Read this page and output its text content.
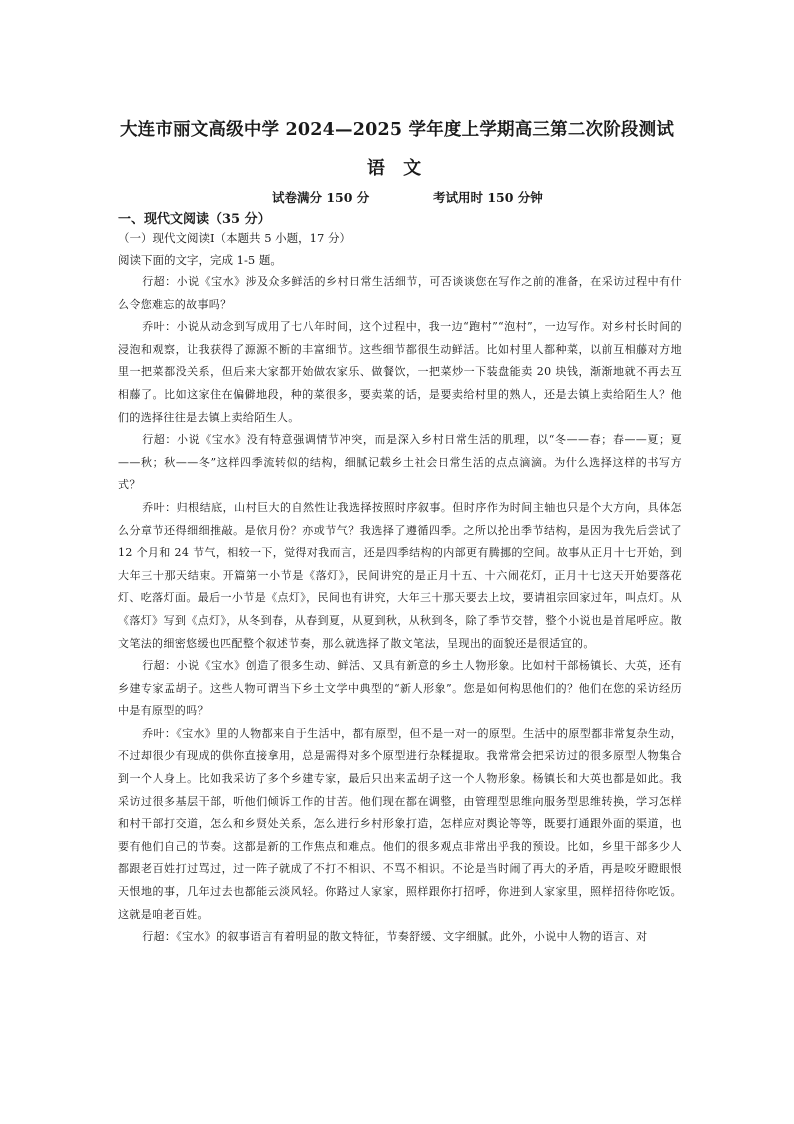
大连市丽文高级中学 2024—2025 学年度上学期高三第二次阶段测试
语 文
试卷满分 150 分	考试用时 150 分钟
一、现代文阅读（35 分）
（一）现代文阅读Ⅰ（本题共 5 小题，17 分）
阅读下面的文字，完成 1-5 题。

行超：小说《宝水》涉及众多鲜活的乡村日常生活细节，可否谈谈您在写作之前的准备，在采访过程中有什么令您难忘的故事吗？

乔叶：小说从动念到写成用了七八年时间，这个过程中，我一边“跑村”“泡村”，一边写作。对乡村长时间的浸泡和观察，让我获得了源源不断的丰富细节。这些细节都很生动鲜活。比如村里人都种菜，以前互相藤对方地里一把菜都没关系，但后来大家都开始做农家乐、做餐饮，一把菜炒一下装盘能卖 20 块钱，渐渐地就不再去互相藤了。比如这家住在偏僻地段，种的菜很多，要卖菜的话，是要卖给村里的熟人，还是去镇上卖给陌生人？他们的选择往往是去镇上卖给陌生人。

行超：小说《宝水》没有特意强调情节冲突，而是深入乡村日常生活的肌理，以“冬——春；春——夏；夏——秋；秋——冬”这样四季流转似的结构，细腻记载乡土社会日常生活的点点滴滴。为什么选择这样的书写方式？

乔叶：归根结底，山村巨大的自然性让我选择按照时序叙事。但时序作为时间主轴也只是个大方向，具体怎么分章节还得细细推敲。是依月份？亦或节气？我选择了遵循四季。之所以抡出季节结构，是因为我先后尝试了 12 个月和 24 节气，相较一下，觉得对我而言，还是四季结构的内部更有腾挪的空间。故事从正月十七开始，到大年三十那天结束。开篇第一小节是《落灯》，民间讲究的是正月十五、十六闹花灯，正月十七这天开始要落花灯、吃落灯面。最后一小节是《点灯》，民间也有讲究，大年三十那天要去上坟，要请祖宗回家过年，叫点灯。从《落灯》写到《点灯》，从冬到春，从春到夏，从夏到秋，从秋到冬，除了季节交替，整个小说也是首尾呼应。散文笔法的细密悠缓也匹配整个叙述节奏，那么就选择了散文笔法，呈现出的面貌还是很适宜的。

行超：小说《宝水》创造了很多生动、鲜活、又具有新意的乡土人物形象。比如村干部杨镇长、大英，还有乡建专家孟胡子。这些人物可谓当下乡土文学中典型的“新人形象”。您是如何构思他们的？他们在您的采访经历中是有原型的吗？

乔叶：《宝水》里的人物都来自于生活中，都有原型，但不是一对一的原型。生活中的原型都非常复杂生动，不过却很少有现成的供你直接拿用，总是需得对多个原型进行杂糅提取。我常常会把采访过的很多原型人物集合到一个人身上。比如我采访了多个乡建专家，最后只出来孟胡子这一个人物形象。杨镇长和大英也都是如此。我采访过很多基层干部，听他们倾诉工作的甘苦。他们现在都在调整，由管理型思维向服务型思维转换，学习怎样和村干部打交道，怎么和乡贤处关系，怎么进行乡村形象打造，怎样应对舆论等等，既要打通跟外面的渠道，也要有他们自己的节奏。这都是新的工作焦点和难点。他们的很多观点非常出乎我的预设。比如，乡里干部多少人都跟老百姓打过骂过，过一阵子就成了不打不相识、不骂不相识。不论是当时闹了再大的矛盾，再是咬牙瞪眼恨天恨地的事，几年过去也都能云淡风轻。你路过人家家，照样跟你打招呼，你进到人家家里，照样招待你吃饭。这就是咱老百姓。

行超：《宝水》的叙事语言有着明显的散文特征，节奏舒缓、文字细腻。此外，小说中人物的语言、对
